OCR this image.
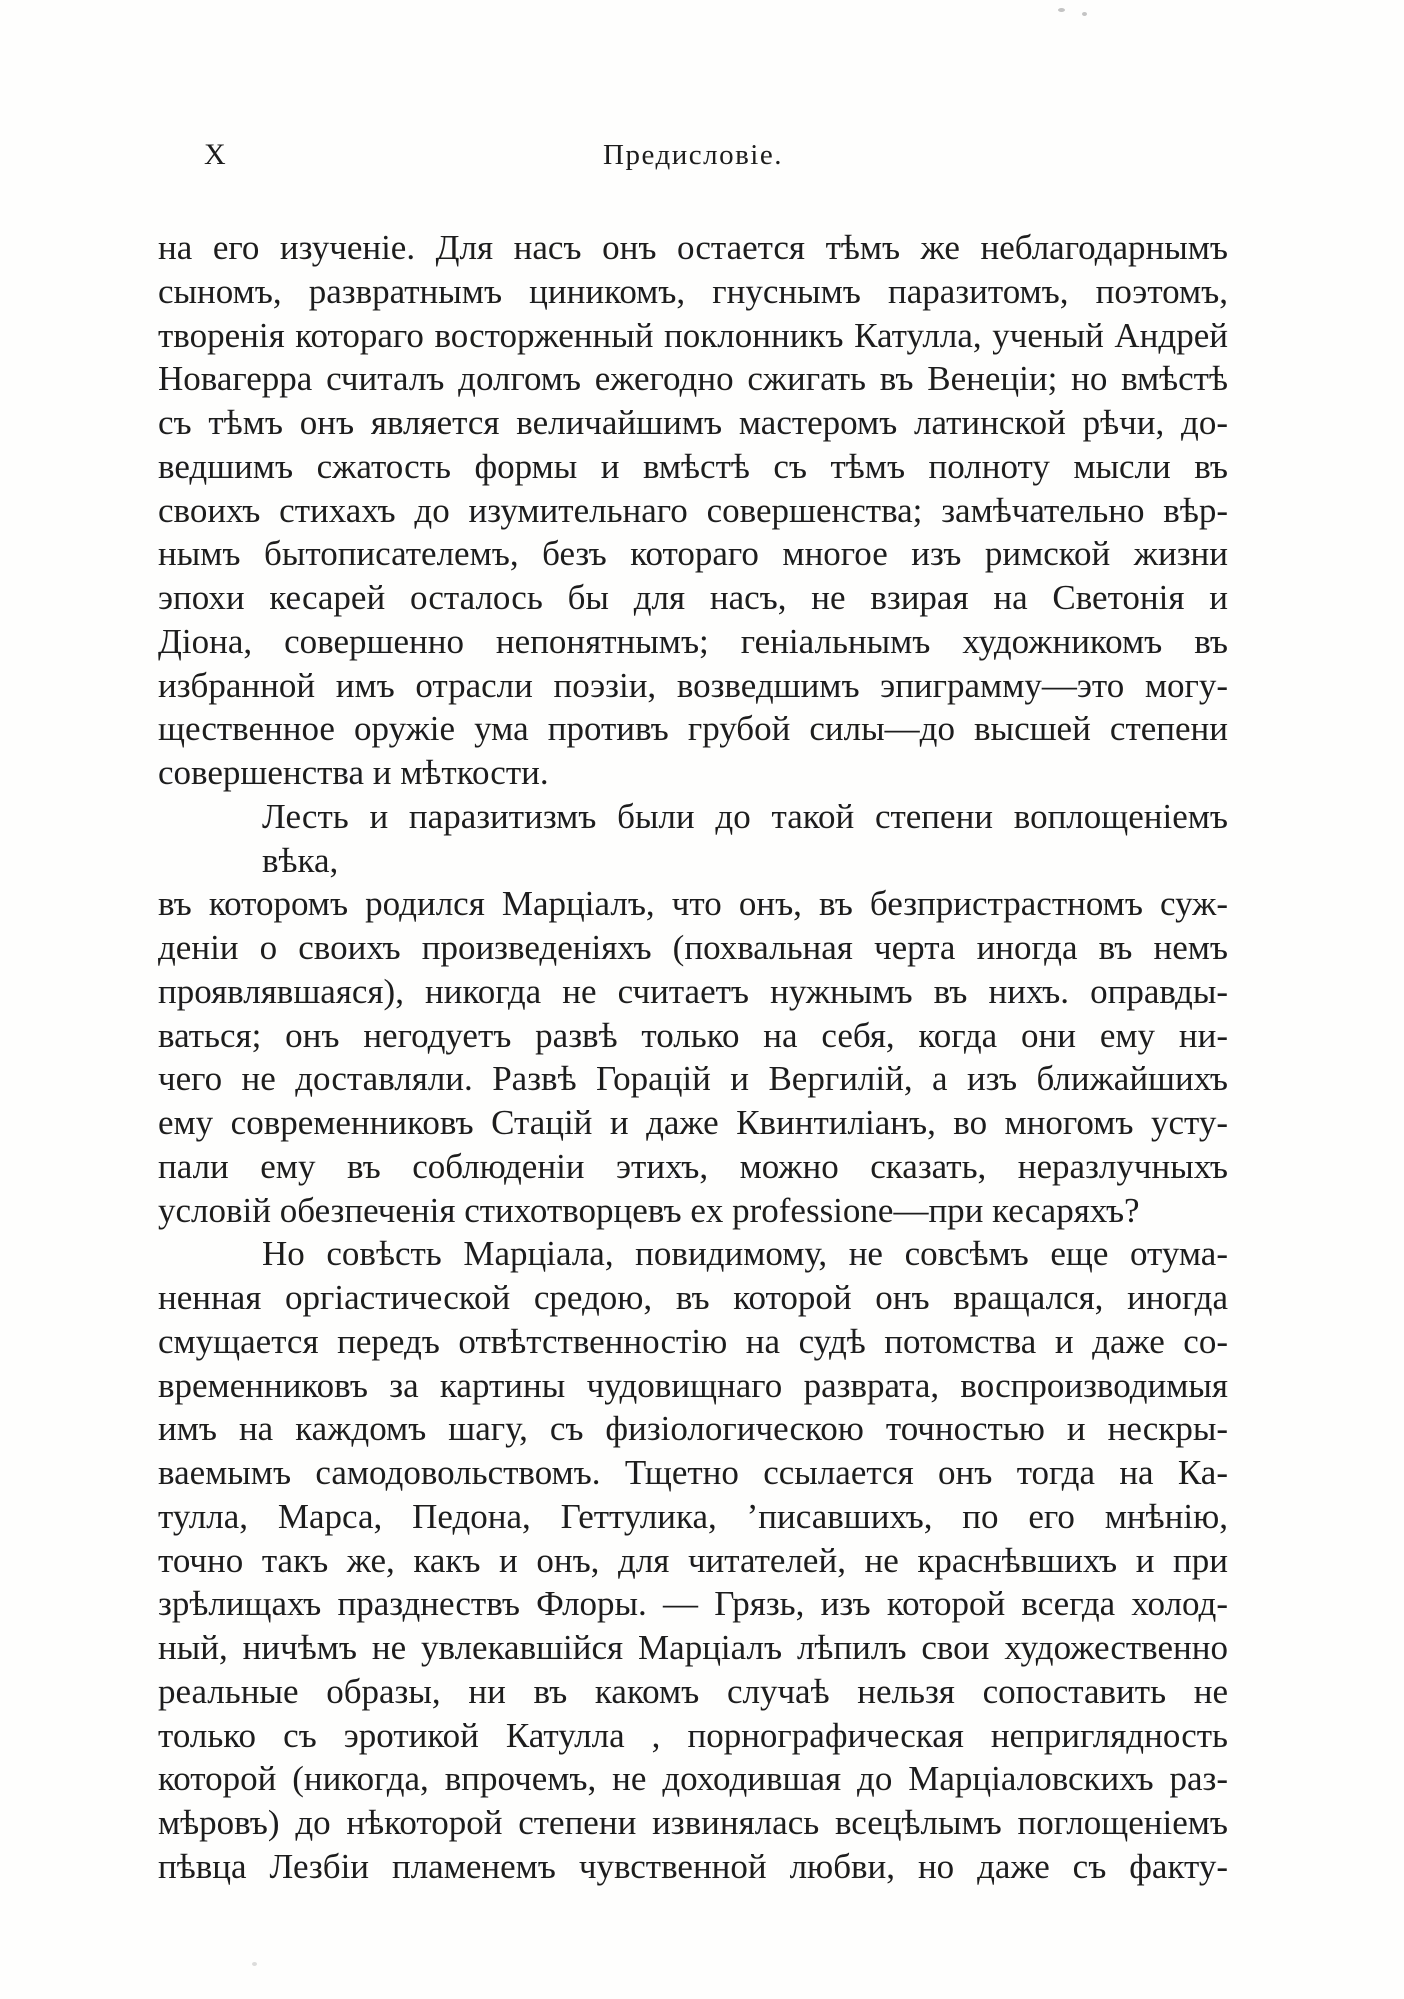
X	Предисловіе.
на его изученіе. Для насъ онъ остается тѣмъ же неблагодарнымъ
сыномъ, развратнымъ циникомъ, гнуснымъ паразитомъ, поэтомъ,
творенія котораго восторженный поклонникъ Катулла, ученый Андрей
Новагерра считалъ долгомъ ежегодно сжигать въ Венеціи; но вмѣстѣ
съ тѣмъ онъ является величайшимъ мастеромъ латинской рѣчи, до-
ведшимъ сжатость формы и вмѣстѣ съ тѣмъ полноту мысли въ
своихъ стихахъ до изумительнаго совершенства; замѣчательно вѣр-
нымъ бытописателемъ, безъ котораго многое изъ римской жизни
эпохи кесарей осталось бы для насъ, не взирая на Светонія и
Діона, совершенно непонятнымъ; геніальнымъ художникомъ въ
избранной имъ отрасли поэзіи, возведшимъ эпиграмму—это могу-
щественное оружіе ума противъ грубой силы—до высшей степени
совершенства и мѣткости.
Лесть и паразитизмъ были до такой степени воплощеніемъ вѣка,
въ которомъ родился Марціалъ, что онъ, въ безпристрастномъ суж-
деніи о своихъ произведеніяхъ (похвальная черта иногда въ немъ
проявлявшаяся), никогда не считаетъ нужнымъ въ нихъ. оправды-
ваться; онъ негодуетъ развѣ только на себя, когда они ему ни-
чего не доставляли. Развѣ Горацій и Вергилій, а изъ ближайшихъ
ему современниковъ Стацій и даже Квинтиліанъ, во многомъ усту-
пали ему въ соблюденіи этихъ, можно сказать, неразлучныхъ
условій обезпеченія стихотворцевъ ex professione—при кесаряхъ?
Но совѣсть Марціала, повидимому, не совсѣмъ еще отума-
ненная оргіастической средою, въ которой онъ вращался, иногда
смущается передъ отвѣтственностію на судѣ потомства и даже со-
временниковъ за картины чудовищнаго разврата, воспроизводимыя
имъ на каждомъ шагу, съ физіологическою точностью и нескры-
ваемымъ самодовольствомъ. Тщетно ссылается онъ тогда на Ка-
тулла, Марса, Педона, Геттулика, ’писавшихъ, по его мнѣнію,
точно такъ же, какъ и онъ, для читателей, не краснѣвшихъ и при
зрѣлищахъ празднествъ Флоры. — Грязь, изъ которой всегда холод-
ный, ничѣмъ не увлекавшійся Марціалъ лѣпилъ свои художественно
реальные образы, ни въ какомъ случаѣ нельзя сопоставить не
только съ эротикой Катулла , порнографическая неприглядность
которой (никогда, впрочемъ, не доходившая до Марціаловскихъ раз-
мѣровъ) до нѣкоторой степени извинялась всецѣлымъ поглощеніемъ
пѣвца Лезбіи пламенемъ чувственной любви, но даже съ факту-
